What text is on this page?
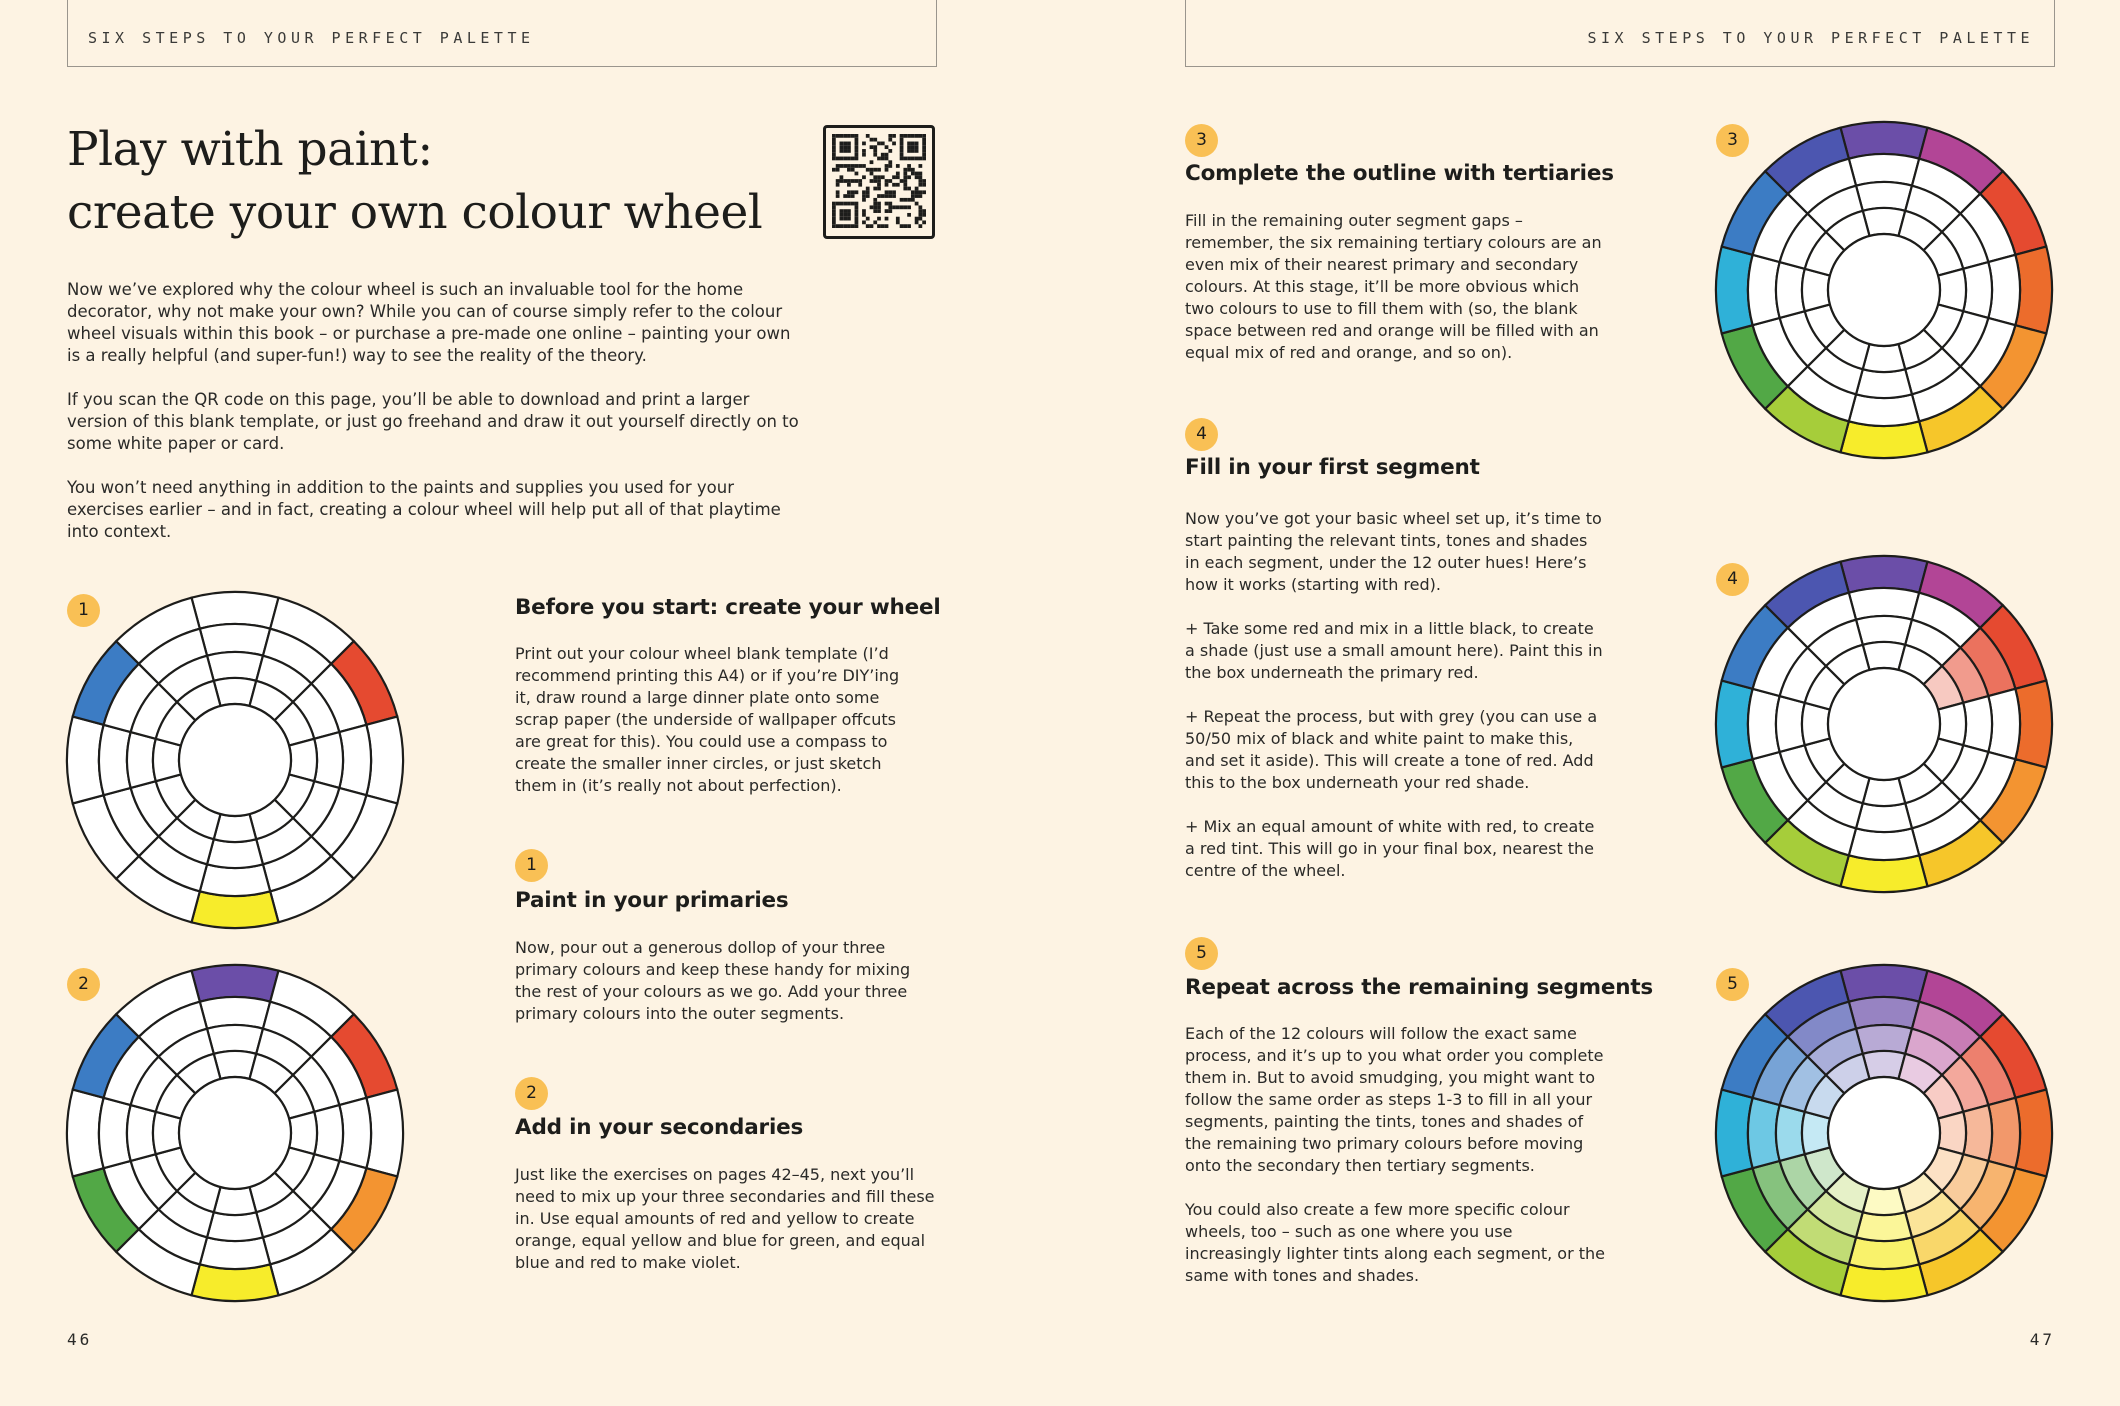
SIX STEPS TO YOUR PERFECT PALETTE
Play with paint:
create your own colour wheel

Now we’ve explored why the colour wheel is such an invaluable tool for the home decorator, why not make your own? While you can of course simply refer to the colour wheel visuals within this book – or purchase a pre-made one online – painting your own is a really helpful (and super-fun!) way to see the reality of the theory.

If you scan the QR code on this page, you’ll be able to download and print a larger version of this blank template, or just go freehand and draw it out yourself directly on to some white paper or card.

You won’t need anything in addition to the paints and supplies you used for your exercises earlier – and in fact, creating a colour wheel will help put all of that playtime into context.

1
2
Before you start: create your wheel

Print out your colour wheel blank template (I’d recommend printing this A4) or if you’re DIY’ing it, draw round a large dinner plate onto some scrap paper (the underside of wallpaper offcuts are great for this). You could use a compass to create the smaller inner circles, or just sketch them in (it’s really not about perfection).

1
Paint in your primaries

Now, pour out a generous dollop of your three primary colours and keep these handy for mixing the rest of your colours as we go. Add your three primary colours into the outer segments.

2
Add in your secondaries

Just like the exercises on pages 42–45, next you’ll need to mix up your three secondaries and fill these in. Use equal amounts of red and yellow to create orange, equal yellow and blue for green, and equal blue and red to make violet.

46
SIX STEPS TO YOUR PERFECT PALETTE
3
Complete the outline with tertiaries

Fill in the remaining outer segment gaps – remember, the six remaining tertiary colours are an even mix of their nearest primary and secondary colours. At this stage, it’ll be more obvious which two colours to use to fill them with (so, the blank space between red and orange will be filled with an equal mix of red and orange, and so on).

4
Fill in your first segment

Now you’ve got your basic wheel set up, it’s time to start painting the relevant tints, tones and shades in each segment, under the 12 outer hues! Here’s how it works (starting with red).

+ Take some red and mix in a little black, to create a shade (just use a small amount here). Paint this in the box underneath the primary red.

+ Repeat the process, but with grey (you can use a 50/50 mix of black and white paint to make this, and set it aside). This will create a tone of red. Add this to the box underneath your red shade.

+ Mix an equal amount of white with red, to create a red tint. This will go in your final box, nearest the centre of the wheel.

5
Repeat across the remaining segments

Each of the 12 colours will follow the exact same process, and it’s up to you what order you complete them in. But to avoid smudging, you might want to follow the same order as steps 1-3 to fill in all your segments, painting the tints, tones and shades of the remaining two primary colours before moving onto the secondary then tertiary segments.

You could also create a few more specific colour wheels, too – such as one where you use increasingly lighter tints along each segment, or the same with tones and shades.

3
4
5
47
